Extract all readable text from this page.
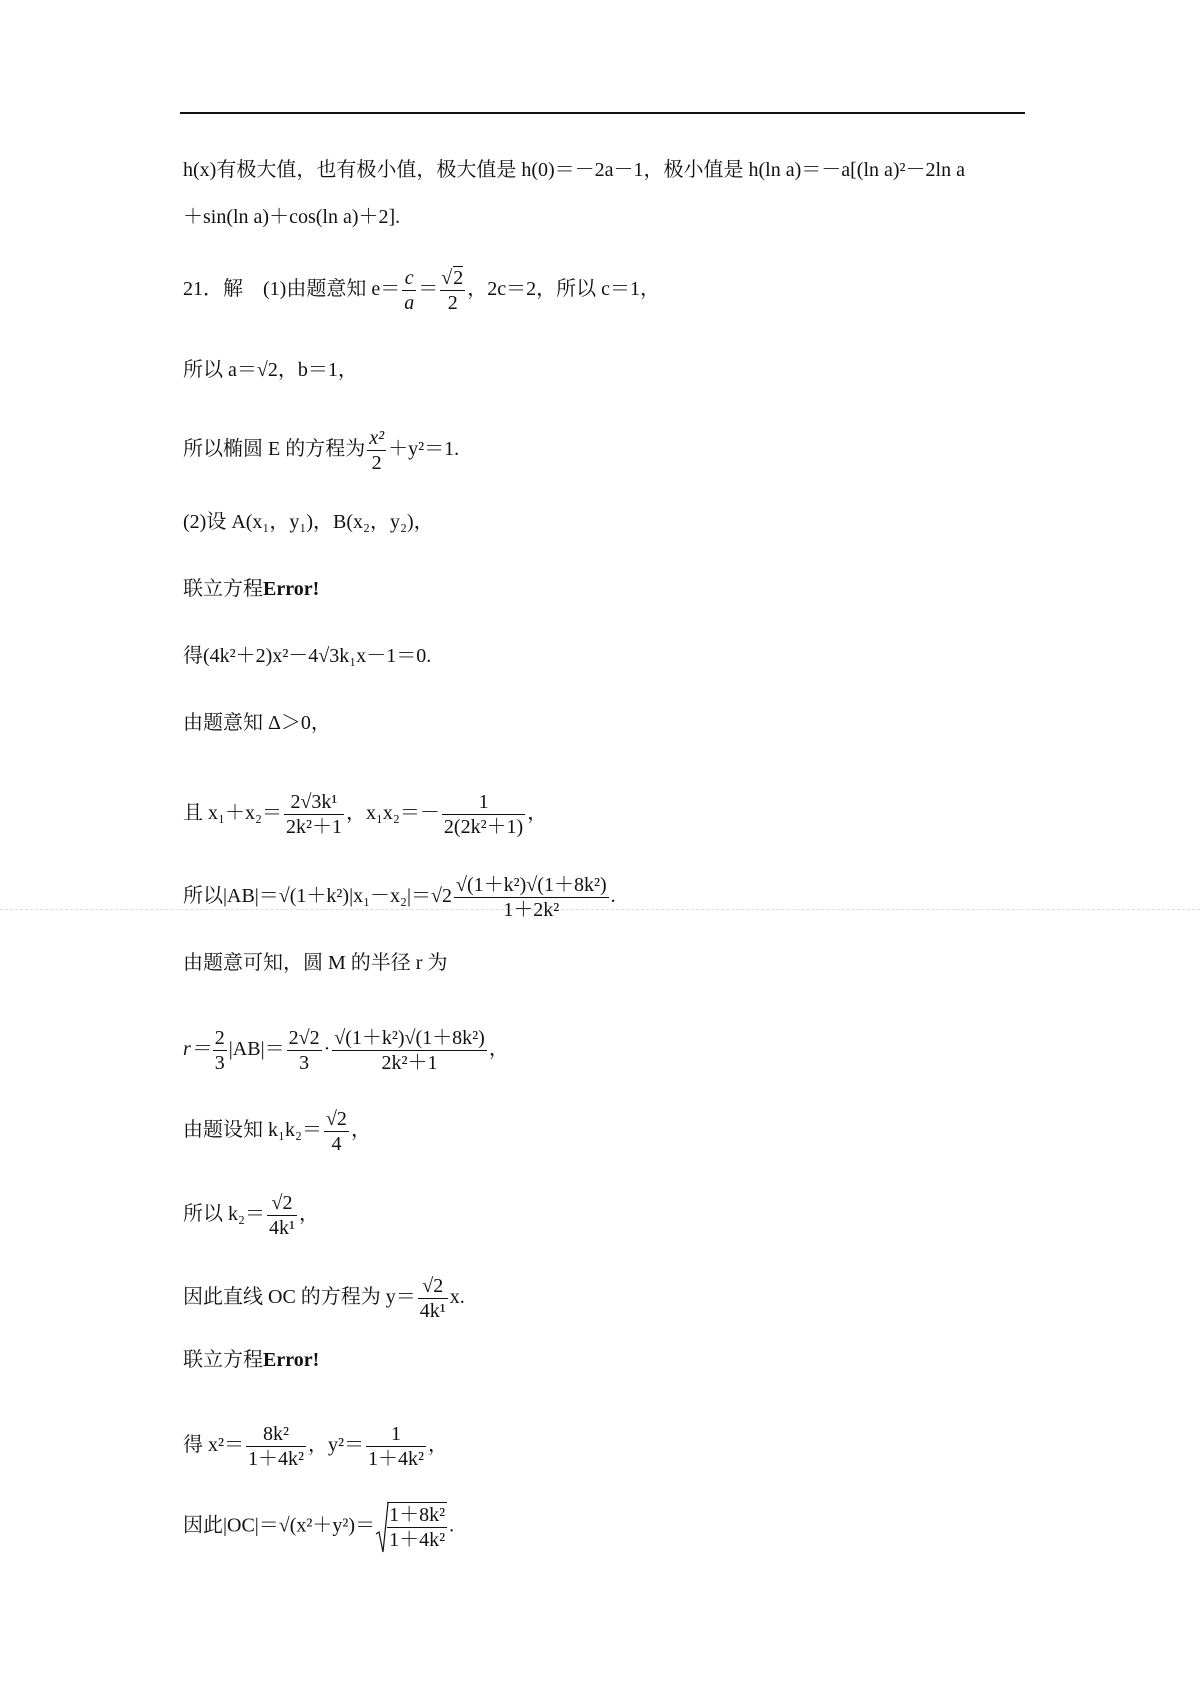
h(x)有极大值，也有极小值，极大值是 h(0)＝－2a－1，极小值是 h(ln a)＝－a[(ln a)²－2ln a
＋sin(ln a)＋cos(ln a)＋2].
21．解　(1)由题意知 $e= \frac{c}{a}$ ＝
√ $\frac{2}{2}$ ，2c＝2，所以 c＝1，
所以 a＝√2，b＝1，
所以椭圆 E 的方程为 $\frac{\text{x²}}{2} +y^2=1$.
(2)设 A(x₁，y₁)，B(x₂，y₂)，
联立方程Error!
得(4k²＋2)x²－4√3k₁x－1＝0.
由题意知 Δ＞0，
且 $x_1+x_2= \frac{\text{2√3k¹}}{\text{2k²＋1}}$ ，$x_1x_2=- \frac{1}{\text{2(2k²＋1)}}$ ，
所以$|AB|=√(1+k^2)|x_1-x_2|=√2 \frac{\text{√(1＋k²)√(1＋8k²)}}{\text{1＋2k²}}$ .
由题意可知，圆 M 的半径 r 为
$r= \frac{2}{3} |AB|= \frac{2√2}{3} \cdot \frac{\text{√(1＋k²)√(1＋8k²)}}{\text{2k²＋1}}$ ，
由题设知 $k_1k_2= \frac{√2}{4}$ ，
所以 $k_2= \frac{√2}{\text{4k¹}}$ ，
因此直线 OC 的方程为 $y= \frac{√2}{\text{4k¹}} x$.
联立方程Error!
得 $x^2= \frac{\text{8k²}}{\text{1＋4k²}}$ ，$y^2= \frac{1}{\text{1＋4k²}}$ ，
因此$|OC|=√(x^2+y^2)= \frac{\text{1＋8k²}}{\text{1＋4k²}}$ .
